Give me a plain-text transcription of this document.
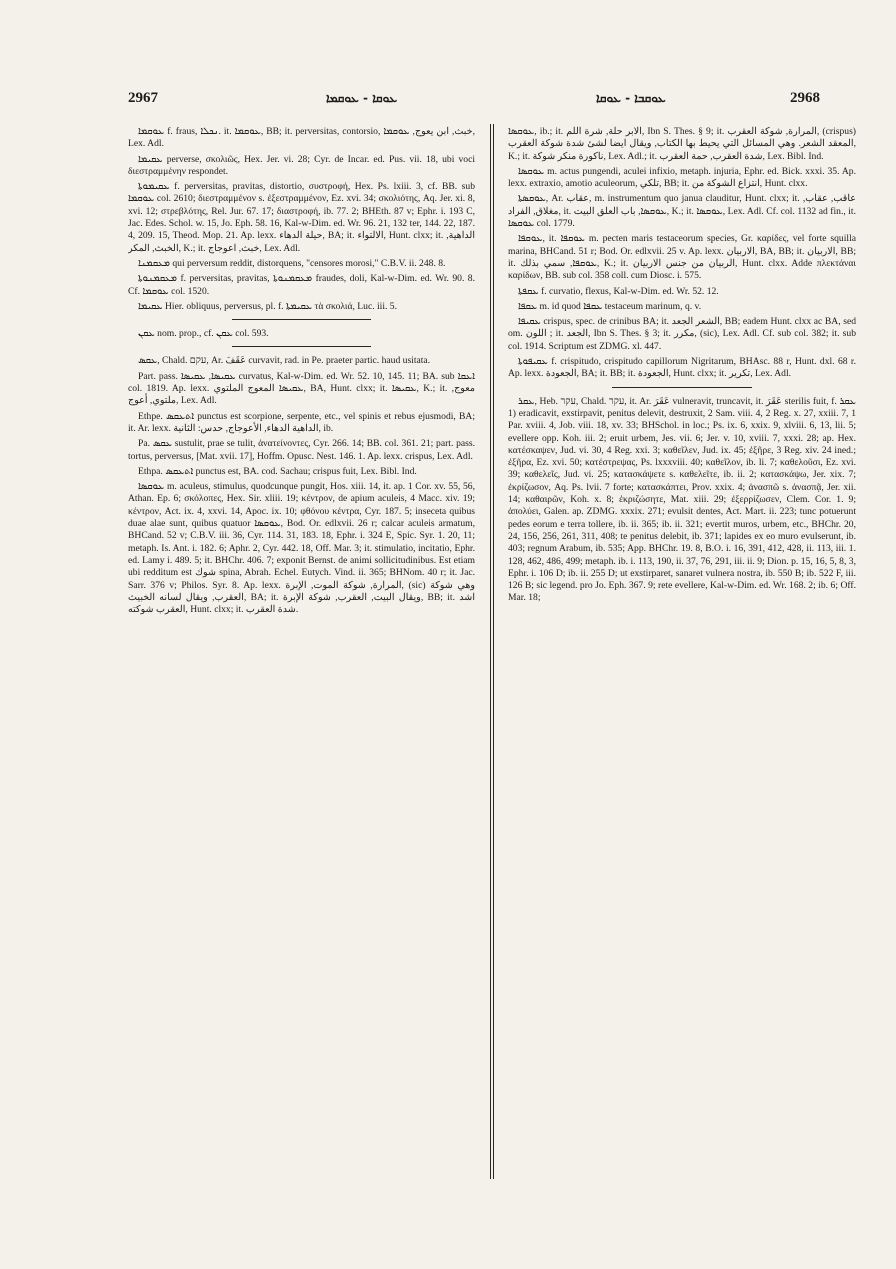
2967	ܥܘܩܐ - ܥܘܩܡܐ	ܥܘܩܒܐ - ܥܘܩܐ	2968

ܥܘܩܡܐ f. fraus, ܢܟܠܐ. it. ܥܘܩܡܐ, BB; it. perversitas, contorsio, خبث, ابن يعوج, ܥܘܩܡܐ, Lex. Adl.

ܥܩܝܡܐ perverse, σκολιῶς, Hex. Jer. vi. 28; Cyr. de Incar. ed. Pus. vii. 18, ubi voci διεστραμμένην respondet.

ܥܩܝܡܘܬܐ f. perversitas, pravitas, distortio, συστροφή, Hex. Ps. lxiii. 3, cf. BB. sub ܥܘܩܡܐ col. 2610; διεστραμμένον s. ἐξεστραμμένον, Ez. xvi. 34; σκολιότης, Aq. Jer. xi. 8, xvi. 12; στρεβλότης, Rel. Jur. 67. 17; διαστροφή, ib. 77. 2; BHEth. 87 v; Ephr. i. 193 C, Jac. Edes. Schol. w. 15, Jo. Eph. 58. 16, Kal-w-Dim. ed. Wr. 96. 21, 132 ter, 144. 22, 187. 4, 209. 15, Theod. Mop. 21. Ap. lexx. حيلة الدهاء, BA; it. الالتواء, Hunt. clxx; it. الداهية, الخبث, المكر, K.; it. خبث, اعوجاج, Lex. Adl.

ܡܥܩܡܢܐ qui perversum reddit, distorquens, "censores morosi," C.B.V. ii. 248. 8.

ܡܥܩܡܢܘܬܐ f. perversitas, pravitas, ܡܥܩܡܢܘܬܐ fraudes, doli, Kal-w-Dim. ed. Wr. 90. 8. Cf. ܥܘܩܡܐ col. 1520.

ܥܩܝܡܐ Hier. obliquus, perversus, pl. f. ܥܩܝܡܬܐ τὰ σκολιά, Luc. iii. 5.

ܥܩܢ nom. prop., cf. ܥܩܢ col. 593.

ܥܩܣ, Chald. עקם, Ar. عَقَفَ curvavit, rad. in Pe. praeter partic. haud usitata.

Part. pass. ܥܩܝܣܐ, ܥܩܝܣܐ curvatus, Kal-w-Dim. ed. Wr. 52. 10, 145. 11; BA. sub ܐܥܩܐ col. 1819. Ap. lexx. ܥܩܝܣܐ المعوج الملتوي, BA, Hunt. clxx; it. ܥܩܝܣܐ, K.; it. معوج, ملتوي, أعوج, Lex. Adl.

Ethpe. ܐܬܥܩܣ punctus est scorpione, serpente, etc., vel spinis et rebus ejusmodi, BA; it. Ar. lexx. الداهية الدهاء, الأعوجاج, حدس: الثانية, ib.

Pa. ܥܩܣ sustulit, prae se tulit, ἀνατείνοντες, Cyr. 266. 14; BB. col. 361. 21; part. pass. tortus, perversus, [Mat. xvii. 17], Hoffm. Opusc. Nest. 146. 1. Ap. lexx. crispus, Lex. Adl.

Ethpa. ܐܬܥܩܣ punctus est, BA. cod. Sachau; crispus fuit, Lex. Bibl. Ind.

ܥܘܩܣܐ m. aculeus, stimulus, quodcunque pungit, Hos. xiii. 14, it. ap. 1 Cor. xv. 55, 56, Athan. Ep. 6; σκόλοπες, Hex. Sir. xliii. 19; κέντρον, de apium aculeis, 4 Macc. xiv. 19; κέντρον, Act. ix. 4, xxvi. 14, Apoc. ix. 10; φθόνου κέντρα, Cyr. 187. 5; inseceta quibus duae alae sunt, quibus quatuor ܥܘܩܣܐ, Bod. Or. edlxvii. 26 r; calcar aculeis armatum, BHCand. 52 v; C.B.V. iii. 36, Cyr. 114. 31, 183. 18, Ephr. i. 324 E, Spic. Syr. 1. 20, 11; metaph. Is. Ant. i. 182. 6; Aphr. 2, Cyr. 442. 18, Off. Mar. 3; it. stimulatio, incitatio, Ephr. ed. Lamy i. 489. 5; it. BHChr. 406. 7; exponit Bernst. de animi sollicitudinibus. Est etiam ubi redditum est شوك spina, Abrah. Echel. Eutych. Vind. ii. 365; BHNom. 40 r; it. Jac. Sarr. 376 v; Philos. Syr. 8. Ap. lexx. المرارة, شوكة الموت, الإبرة, (sic) وهي شوكة العقرب, ويقال لسانه الخبيث, BA; it. ويقال البيت, العقرب, شوكة الإبرة, BB; it. اشد العقرب شوكته, Hunt. clxx; it. شدة العقرب.

ܥܘܩܣܐ, ib.; it. الابر حلة, شرة اللم, Ibn S. Thes. § 9; it. المرارة, شوكة العقرب, (crispus) المعقد الشعر. وهي المسائل التي يحيط بها الكتاب, ويقال ايضا لشئ شدة شوكة العقرب, K.; it. ناكورة منكر شوكة, Lex. Adl.; it. شدة العقرب, حمة العقرب, Lex. Bibl. Ind.

ܥܘܩܣܐ m. actus pungendi, aculei infixio, metaph. injuria, Ephr. ed. Bick. xxxi. 35. Ap. lexx. extraxio, amotio aculeorum, تلكي, BB; it. انتزاع الشوكة من, Hunt. clxx.

ܥܘܩܣܬܐ, Ar. عقاب, m. instrumentum quo janua clauditur, Hunt. clxx; it. عاقب, عقاب, مغلاق, الفراد, it. ܥܘܩܣܐ, باب العلق البيت, K.; it. ܥܘܩܣܐ, Lex. Adl. Cf. col. 1132 ad fin., it. ܥܘܩܣܐ col. 1779.

ܥܘܩܦܐ, it. ܥܘܩܦܐ m. pecten maris testaceorum species, Gr. καρίδες, vel forte squilla marina, BHCand. 51 r; Bod. Or. edlxvii. 25 v. Ap. lexx. الاربيان, BA, BB; it. الاربيان, BB; it. ܥܘܩܦܐ, سمي بذلك, K.; it. الربيان من جنس الاربيان, Hunt. clxx. Adde πλεκτάναι καρίδων, BB. sub col. 358 coll. cum Diosc. i. 575.

ܥܩܦܬܐ f. curvatio, flexus, Kal-w-Dim. ed. Wr. 52. 12.

ܥܩܦܐ m. id quod ܥܩܦܐ testaceum marinum, q. v.

ܥܩܝܦܐ crispus, spec. de crinibus BA; it. الشعر الجعد, BB; eadem Hunt. clxx ac BA, sed om. اللون ; it. الجعد, Ibn S. Thes. § 3; it. مكرر, (sic), Lex. Adl. Cf. sub col. 382; it. sub col. 1914. Scriptum est ZDMG. xl. 447.

ܥܩܝܦܘܬܐ f. crispitudo, crispitudo capillorum Nigritarum, BHAsc. 88 r, Hunt. dxl. 68 r. Ap. lexx. الجعودة, BA; it. BB; it. الجعودة, Hunt. clxx; it. تكرير, Lex. Adl.

ܥܩܪ, Heb. עקר, Chald. עקר, it. Ar. عَقَرَ vulneravit, truncavit, it. عَقَرَ sterilis fuit, f. ܥܩܪ 1) eradicavit, exstirpavit, penitus delevit, destruxit, 2 Sam. viii. 4, 2 Reg. x. 27, xxiii. 7, 1 Par. xviii. 4, Job. viii. 18, xv. 33; BHSchol. in loc.; Ps. ix. 6, xxix. 9, xlviii. 6, 13, lii. 5; evellere opp. Koh. iii. 2; eruit urbem, Jes. vii. 6; Jer. v. 10, xviii. 7, xxxi. 28; ap. Hex. κατέσκαψεν, Jud. vi. 30, 4 Reg. xxi. 3; καθεῖλεν, Jud. ix. 45; ἐξῆρε, 3 Reg. xiv. 24 ined.; ἐξῆρα, Ez. xvi. 50; κατέστρεψας, Ps. lxxxviii. 40; καθεῖλον, ib. li. 7; καθελοῦσι, Ez. xvi. 39; καθελεῖς, Jud. vi. 25; κατασκάψετε s. καθελεῖτε, ib. ii. 2; κατασκάψω, Jer. xix. 7; ἐκρίζωσον, Aq. Ps. lvii. 7 forte; κατασκάπτει, Prov. xxix. 4; ἀνασπῶ s. ἀνασπᾷ, Jer. xii. 14; καθαιρῶν, Koh. x. 8; ἐκριζώσητε, Mat. xiii. 29; ἐξερρίζωσεν, Clem. Cor. 1. 9; ἀπολύει, Galen. ap. ZDMG. xxxix. 271; evulsit dentes, Act. Mart. ii. 223; tunc potuerunt pedes eorum e terra tollere, ib. ii. 365; ib. ii. 321; evertit muros, urbem, etc., BHChr. 20, 24, 156, 256, 261, 311, 408; te penitus delebit, ib. 371; lapides ex eo muro evulserunt, ib. 403; regnum Arabum, ib. 535; App. BHChr. 19. 8, B.O. i. 16, 391, 412, 428, ii. 113, iii. 1. 128, 462, 486, 499; metaph. ib. i. 113, 190, ii. 37, 76, 291, iii. ii. 9; Dion. p. 15, 16, 5, 8, 3, Ephr. i. 106 D; ib. ii. 255 D; ut exstirparet, sanaret vulnera nostra, ib. 550 B; ib. 522 F, iii. 126 B; sic legend. pro Jo. Eph. 367. 9; rete evellere, Kal-w-Dim. ed. Wr. 168. 2; ib. 6; Off. Mar. 18;
